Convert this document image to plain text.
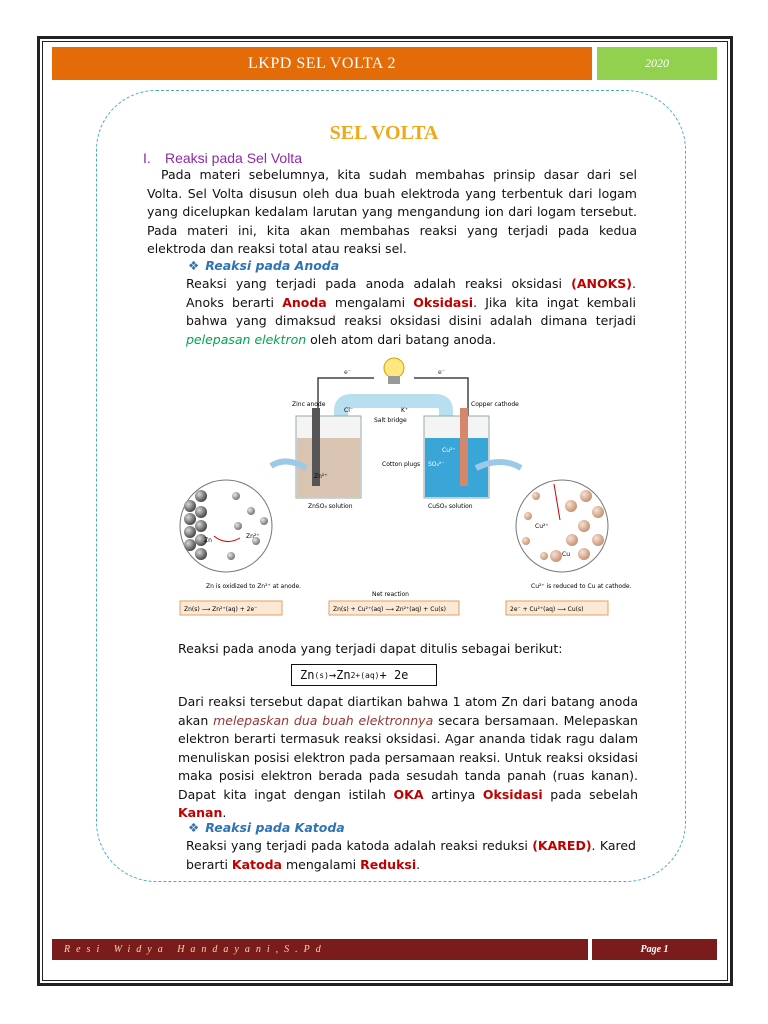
LKPD SEL VOLTA 2	2020
SEL VOLTA
I. Reaksi pada Sel Volta
Pada materi sebelumnya, kita sudah membahas prinsip dasar dari sel Volta. Sel Volta disusun oleh dua buah elektroda yang terbentuk dari logam yang dicelupkan kedalam larutan yang mengandung ion dari logam tersebut. Pada materi ini, kita akan membahas reaksi yang terjadi pada kedua elektroda dan reaksi total atau reaksi sel.
❖ Reaksi pada Anoda
Reaksi yang terjadi pada anoda adalah reaksi oksidasi (ANOKS). Anoks berarti Anoda mengalami Oksidasi. Jika kita ingat kembali bahwa yang dimaksud reaksi oksidasi disini adalah dimana terjadi pelepasan elektron oleh atom dari batang anoda.
e⁻	e⁻
Cl⁻	K⁺
Salt bridge
Zinc anode
Zn²⁺
ZnSO₄ solution
Copper cathode
SO₄²⁻
Cu²⁺
CuSO₄ solution
Cotton plugs
Zn
Zn²⁺
Cu²⁺
Cu
Zn is oxidized to Zn²⁺ at anode.
Net reaction
Cu²⁺ is reduced to Cu at cathode.
Zn(s) ⟶ Zn²⁺(aq) + 2e⁻	Zn(s) + Cu²⁺(aq) ⟶ Zn²⁺(aq) + Cu(s)	2e⁻ + Cu²⁺(aq) ⟶ Cu(s)
Reaksi pada anoda yang terjadi dapat ditulis sebagai berikut:
Zn (s) → Zn 2+ (aq) + 2e
Dari reaksi tersebut dapat diartikan bahwa 1 atom Zn dari batang anoda akan melepaskan dua buah elektronnya secara bersamaan. Melepaskan elektron berarti termasuk reaksi oksidasi. Agar ananda tidak ragu dalam menuliskan posisi elektron pada persamaan reaksi. Untuk reaksi oksidasi maka posisi elektron berada pada sesudah tanda panah (ruas kanan). Dapat kita ingat dengan istilah OKA artinya Oksidasi pada sebelah Kanan.
❖ Reaksi pada Katoda
Reaksi yang terjadi pada katoda adalah reaksi reduksi (KARED). Kared berarti Katoda mengalami Reduksi.
Resi Widya Handayani,S.Pd	Page 1
